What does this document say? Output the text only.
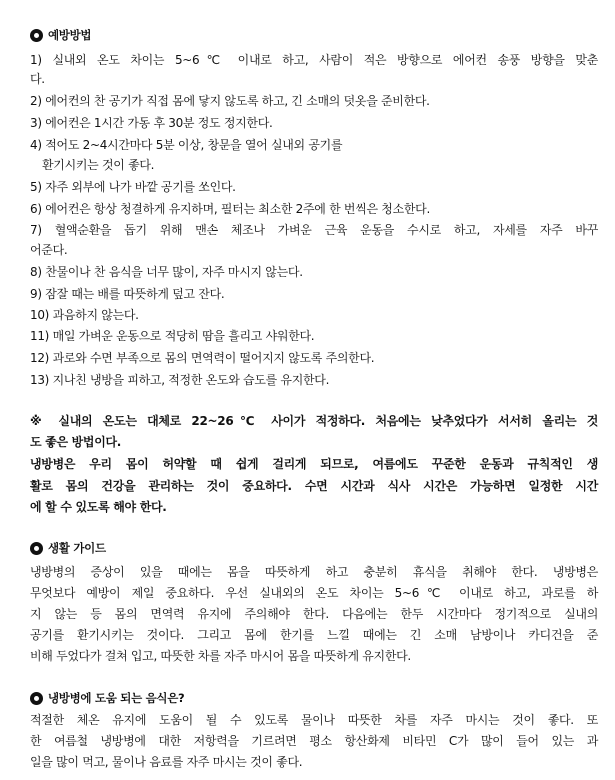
예방방법
1) 실내외 온도 차이는 5~6℃ 이내로 하고, 사람이 적은 방향으로 에어컨 송풍 방향을 맞춘
다.
2) 에어컨의 찬 공기가 직접 몸에 닿지 않도록 하고, 긴 소매의 덧옷을 준비한다.
3) 에어컨은 1시간 가동 후 30분 정도 정지한다.
4) 적어도 2~4시간마다 5분 이상, 창문을 열어 실내외 공기를
환기시키는 것이 좋다.
5) 자주 외부에 나가 바깥 공기를 쏘인다.
6) 에어컨은 항상 청결하게 유지하며, 필터는 최소한 2주에 한 번씩은 청소한다.
7) 혈액순환을 돕기 위해 맨손 체조나 가벼운 근육 운동을 수시로 하고, 자세를 자주 바꾸
어준다.
8) 찬물이나 찬 음식을 너무 많이, 자주 마시지 않는다.
9) 잠잘 때는 배를 따뜻하게 덮고 잔다.
10) 과음하지 않는다.
11) 매일 가벼운 운동으로 적당히 땀을 흘리고 샤워한다.
12) 과로와 수면 부족으로 몸의 면역력이 떨어지지 않도록 주의한다.
13) 지나친 냉방을 피하고, 적정한 온도와 습도를 유지한다.
※ 실내의 온도는 대체로 22~26℃ 사이가 적정하다. 처음에는 낮추었다가 서서히 올리는 것
도 좋은 방법이다.
냉방병은 우리 몸이 허약할 때 쉽게 걸리게 되므로, 여름에도 꾸준한 운동과 규칙적인 생
활로 몸의 건강을 관리하는 것이 중요하다. 수면 시간과 식사 시간은 가능하면 일정한 시간
에 할 수 있도록 해야 한다.
생활 가이드
냉방병의 증상이 있을 때에는 몸을 따뜻하게 하고 충분히 휴식을 취해야 한다. 냉방병은
무엇보다 예방이 제일 중요하다. 우선 실내외의 온도 차이는 5~6℃ 이내로 하고, 과로를 하
지 않는 등 몸의 면역력 유지에 주의해야 한다. 다음에는 한두 시간마다 정기적으로 실내의
공기를 환기시키는 것이다. 그리고 몸에 한기를 느낄 때에는 긴 소매 남방이나 카디건을 준
비해 두었다가 걸쳐 입고, 따뜻한 차를 자주 마시어 몸을 따뜻하게 유지한다.
냉방병에 도움 되는 음식은?
적절한 체온 유지에 도움이 될 수 있도록 물이나 따뜻한 차를 자주 마시는 것이 좋다. 또
한 여름철 냉방병에 대한 저항력을 기르려면 평소 항산화제 비타민 C가 많이 들어 있는 과
일을 많이 먹고, 물이나 음료를 자주 마시는 것이 좋다.
